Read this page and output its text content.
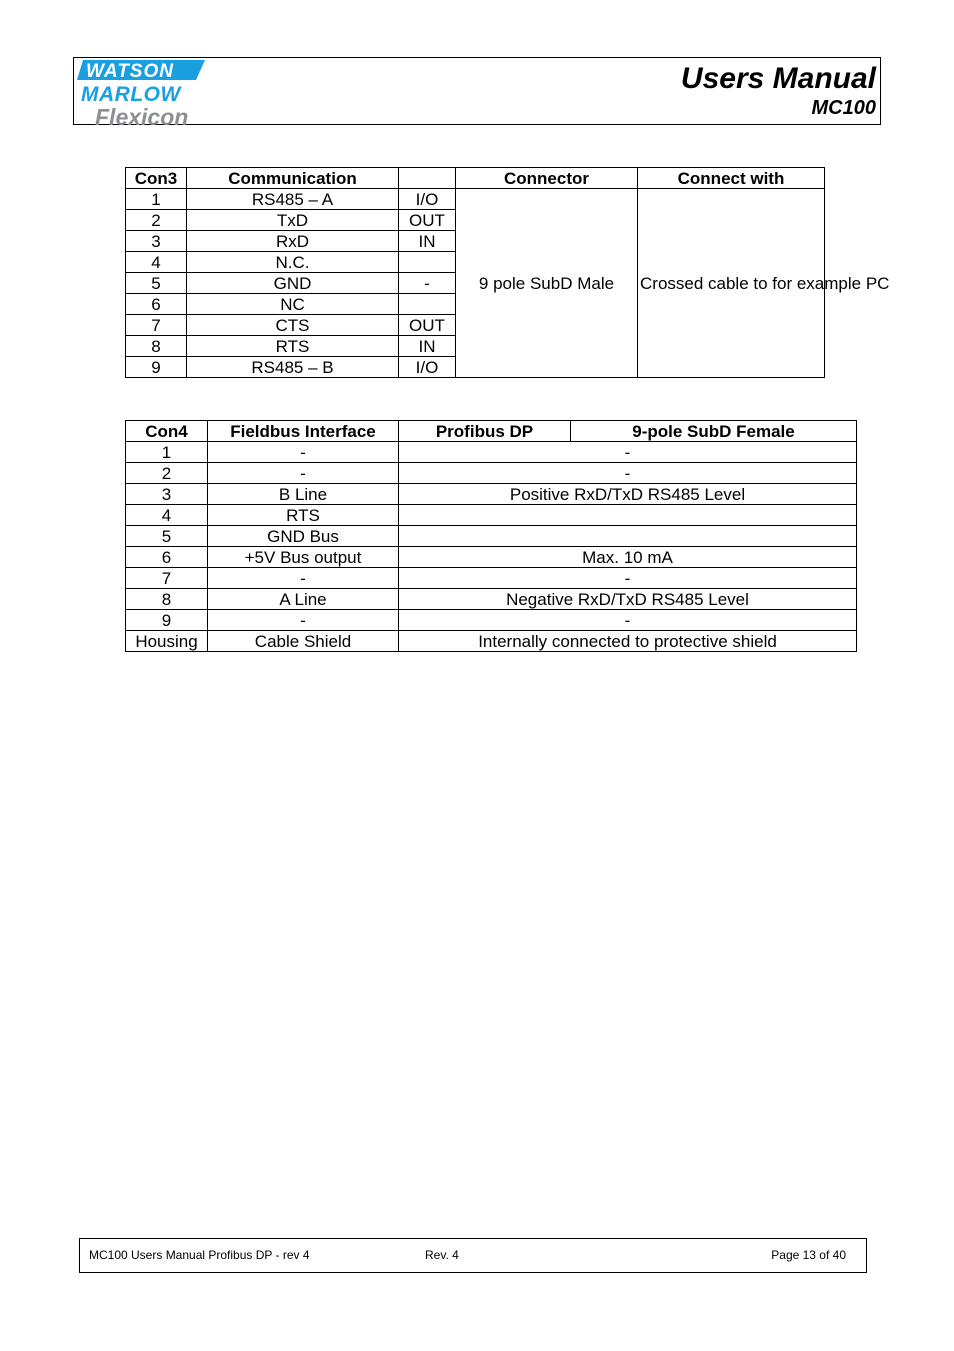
WATSON
MARLOW
Flexicon
Users Manual
MC100
Con3	Communication		Connector	Connect with
1	RS485 – A	I/O	9 pole SubD Male	Crossed cable to for example PC
2	TxD	OUT		
3	RxD	IN		
4	N.C.			
5	GND	-		
6	NC			
7	CTS	OUT		
8	RTS	IN		
9	RS485 – B	I/O		
Con4	Fieldbus Interface	Profibus DP	9-pole SubD Female
1	-	-	
2	-	-	
3	B Line	Positive RxD/TxD RS485 Level	
4	RTS		
5	GND Bus		
6	+5V Bus output	Max. 10 mA	
7	-	-	
8	A Line	Negative RxD/TxD RS485 Level	
9	-	-	
Housing	Cable Shield	Internally connected to protective shield	
MC100 Users Manual Profibus DP - rev 4	Rev. 4	Page 13 of 40
